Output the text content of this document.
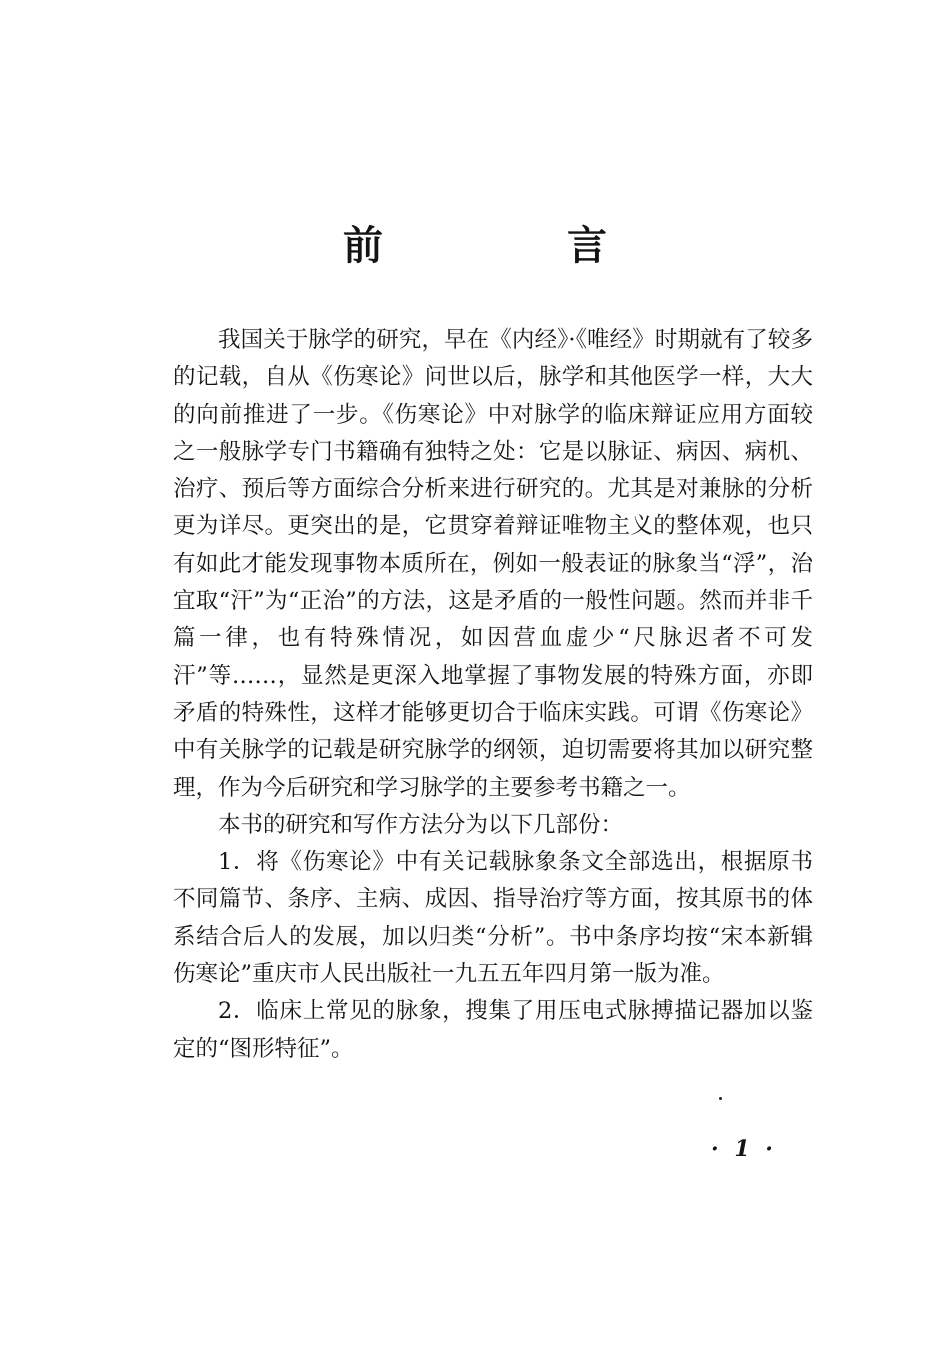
前　言

我国关于脉学的研究，早在《内经》·《唯经》时期就有了较多的记载，自从《伤寒论》问世以后，脉学和其他医学一样，大大的向前推进了一步。《伤寒论》中对脉学的临床辩证应用方面较之一般脉学专门书籍确有独特之处：它是以脉证、病因、病机、治疗、预后等方面综合分析来进行研究的。尤其是对兼脉的分析更为详尽。更突出的是，它贯穿着辩证唯物主义的整体观，也只有如此才能发现事物本质所在，例如一般表证的脉象当“浮”，治宜取“汗”为“正治”的方法，这是矛盾的一般性问题。然而并非千篇一律，也有特殊情况，如因营血虚少“尺脉迟者不可发汗”等……，显然是更深入地掌握了事物发展的特殊方面，亦即矛盾的特殊性，这样才能够更切合于临床实践。可谓《伤寒论》中有关脉学的记载是研究脉学的纲领，迫切需要将其加以研究整理，作为今后研究和学习脉学的主要参考书籍之一。

本书的研究和写作方法分为以下几部份：

1．将《伤寒论》中有关记载脉象条文全部选出，根据原书不同篇节、条序、主病、成因、指导治疗等方面，按其原书的体系结合后人的发展，加以归类“分析”。书中条序均按“宋本新辑伤寒论”重庆市人民出版社一九五五年四月第一版为准。

2．临床上常见的脉象，搜集了用压电式脉搏描记器加以鉴定的“图形特征”。

· 1 ·
